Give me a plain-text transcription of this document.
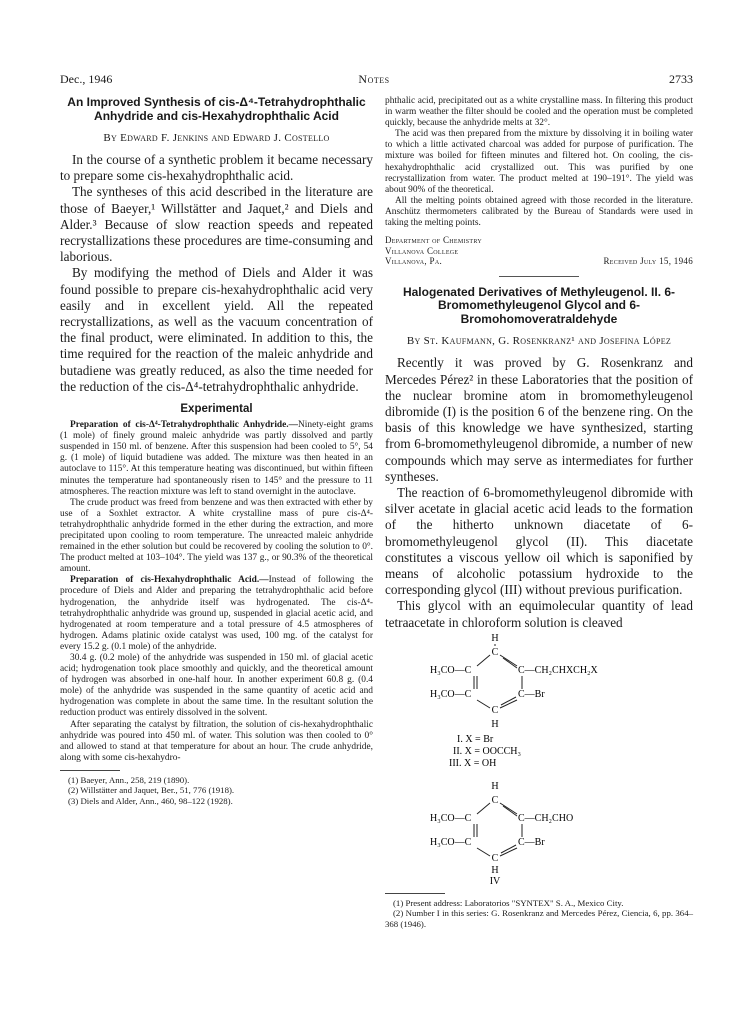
Dec., 1946	Notes	2733

An Improved Synthesis of cis-Δ⁴-Tetrahydrophthalic Anhydride and cis-Hexahydrophthalic Acid

By Edward F. Jenkins and Edward J. Costello

In the course of a synthetic problem it became necessary to prepare some cis-hexahydrophthalic acid.

The syntheses of this acid described in the literature are those of Baeyer,¹ Willstätter and Jaquet,² and Diels and Alder.³ Because of slow reaction speeds and repeated recrystallizations these procedures are time-consuming and laborious.

By modifying the method of Diels and Alder it was found possible to prepare cis-hexahydrophthalic acid very easily and in excellent yield. All the repeated recrystallizations, as well as the vacuum concentration of the final product, were eliminated. In addition to this, the time required for the reaction of the maleic anhydride and butadiene was greatly reduced, as also the time needed for the reduction of the cis-Δ⁴-tetrahydrophthalic anhydride.

Experimental

Preparation of cis-Δ⁴-Tetrahydrophthalic Anhydride.—Ninety-eight grams (1 mole) of finely ground maleic anhydride was partly dissolved and partly suspended in 150 ml. of benzene. After this suspension had been cooled to 5°, 54 g. (1 mole) of liquid butadiene was added. The mixture was then heated in an autoclave to 115°. At this temperature heating was discontinued, but within fifteen minutes the temperature had spontaneously risen to 145° and the pressure to 11 atmospheres. The reaction mixture was left to stand overnight in the autoclave.

The crude product was freed from benzene and was then extracted with ether by use of a Soxhlet extractor. A white crystalline mass of pure cis-Δ⁴-tetrahydrophthalic anhydride formed in the ether during the extraction, and more precipitated upon cooling to room temperature. The unreacted maleic anhydride remained in the ether solution but could be recovered by cooling the solution to 0°. The product melted at 103–104°. The yield was 137 g., or 90.3% of the theoretical amount.

Preparation of cis-Hexahydrophthalic Acid.—Instead of following the procedure of Diels and Alder and preparing the tetrahydrophthalic acid before hydrogenation, the anhydride itself was hydrogenated. The cis-Δ⁴-tetrahydrophthalic anhydride was ground up, suspended in glacial acetic acid, and hydrogenated at room temperature and a total pressure of 4.5 atmospheres of hydrogen. Adams platinic oxide catalyst was used, 100 mg. of the catalyst for every 15.2 g. (0.1 mole) of the anhydride.

30.4 g. (0.2 mole) of the anhydride was suspended in 150 ml. of glacial acetic acid; hydrogenation took place smoothly and quickly, and the theoretical amount of hydrogen was absorbed in one-half hour. In another experiment 60.8 g. (0.4 mole) of the anhydride was suspended in the same quantity of acetic acid and hydrogenation was complete in about the same time. In the resultant solution the reduction product was entirely dissolved in the solvent.

After separating the catalyst by filtration, the solution of cis-hexahydrophthalic anhydride was poured into 450 ml. of water. This solution was then cooled to 0° and allowed to stand at that temperature for about an hour. The crude anhydride, along with some cis-hexahydro-

(1) Baeyer, Ann., 258, 219 (1890).

(2) Willstätter and Jaquet, Ber., 51, 776 (1918).

(3) Diels and Alder, Ann., 460, 98–122 (1928).

phthalic acid, precipitated out as a white crystalline mass. In filtering this product in warm weather the filter should be cooled and the operation must be completed quickly, because the anhydride melts at 32°.

The acid was then prepared from the mixture by dissolving it in boiling water to which a little activated charcoal was added for purpose of purification. The mixture was boiled for fifteen minutes and filtered hot. On cooling, the cis-hexahydrophthalic acid crystallized out. This was purified by one recrystallization from water. The product melted at 190–191°. The yield was about 90% of the theoretical.

All the melting points obtained agreed with those recorded in the literature. Anschütz thermometers calibrated by the Bureau of Standards were used in taking the melting points.

Department of Chemistry
Villanova College
Villanova, Pa.	Received July 15, 1946

Halogenated Derivatives of Methyleugenol. II. 6-Bromomethyleugenol Glycol and 6-Bromohomoveratraldehyde

By St. Kaufmann, G. Rosenkranz¹ and Josefina López

Recently it was proved by G. Rosenkranz and Mercedes Pérez² in these Laboratories that the position of the nuclear bromine atom in bromomethyleugenol dibromide (I) is the position 6 of the benzene ring. On the basis of this knowledge we have synthesized, starting from 6-bromomethyleugenol dibromide, a number of new compounds which may serve as intermediates for further syntheses.

The reaction of 6-bromomethyleugenol dibromide with silver acetate in glacial acetic acid leads to the formation of the hitherto unknown diacetate of 6-bromomethyleugenol glycol (II). This diacetate constitutes a viscous yellow oil which is saponified by means of alcoholic potassium hydroxide to the corresponding glycol (III) without previous purification.

This glycol with an equimolecular quantity of lead tetraacetate in chloroform solution is cleaved

H
C
H₃CO—C	C—CH₂CHXCH₂X
H₃CO—C	C—Br
C
H
I. X = Br
II. X = OOCCH₃
III. X = OH
H
C
H₃CO—C	C—CH₂CHO
H₃CO—C	C—Br
C
H
IV

(1) Present address: Laboratorios "SYNTEX" S. A., Mexico City.

(2) Number I in this series: G. Rosenkranz and Mercedes Pérez, Ciencia, 6, pp. 364–368 (1946).
